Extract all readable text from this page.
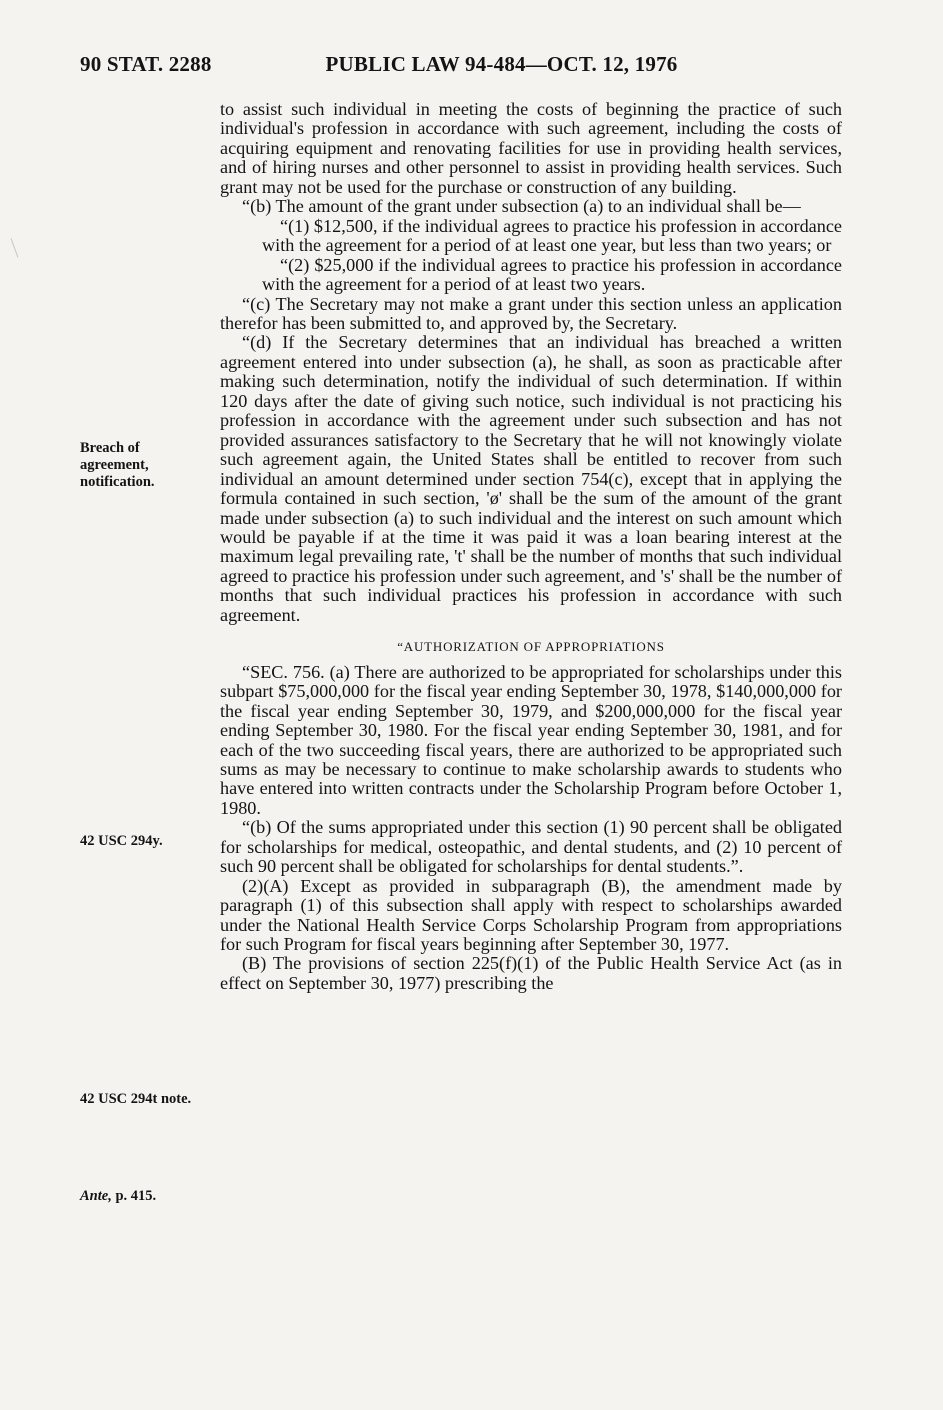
90 STAT. 2288	PUBLIC LAW 94-484—OCT. 12, 1976
Breach of agreement, notification.
42 USC 294y.
42 USC 294t note.
Ante, p. 415.

to assist such individual in meeting the costs of beginning the practice of such individual's profession in accordance with such agreement, including the costs of acquiring equipment and renovating facilities for use in providing health services, and of hiring nurses and other personnel to assist in providing health services. Such grant may not be used for the purchase or construction of any building.

“(b) The amount of the grant under subsection (a) to an individual shall be—

“(1) $12,500, if the individual agrees to practice his profession in accordance with the agreement for a period of at least one year, but less than two years; or

“(2) $25,000 if the individual agrees to practice his profession in accordance with the agreement for a period of at least two years.

“(c) The Secretary may not make a grant under this section unless an application therefor has been submitted to, and approved by, the Secretary.

“(d) If the Secretary determines that an individual has breached a written agreement entered into under subsection (a), he shall, as soon as practicable after making such determination, notify the individual of such determination. If within 120 days after the date of giving such notice, such individual is not practicing his profession in accordance with the agreement under such subsection and has not provided assurances satisfactory to the Secretary that he will not knowingly violate such agreement again, the United States shall be entitled to recover from such individual an amount determined under section 754(c), except that in applying the formula contained in such section, 'ø' shall be the sum of the amount of the grant made under subsection (a) to such individual and the interest on such amount which would be payable if at the time it was paid it was a loan bearing interest at the maximum legal prevailing rate, 't' shall be the number of months that such individual agreed to practice his profession under such agreement, and 's' shall be the number of months that such individual practices his profession in accordance with such agreement.

“AUTHORIZATION OF APPROPRIATIONS

“SEC. 756. (a) There are authorized to be appropriated for scholarships under this subpart $75,000,000 for the fiscal year ending September 30, 1978, $140,000,000 for the fiscal year ending September 30, 1979, and $200,000,000 for the fiscal year ending September 30, 1980. For the fiscal year ending September 30, 1981, and for each of the two succeeding fiscal years, there are authorized to be appropriated such sums as may be necessary to continue to make scholarship awards to students who have entered into written contracts under the Scholarship Program before October 1, 1980.

“(b) Of the sums appropriated under this section (1) 90 percent shall be obligated for scholarships for medical, osteopathic, and dental students, and (2) 10 percent of such 90 percent shall be obligated for scholarships for dental students.”.

(2)(A) Except as provided in subparagraph (B), the amendment made by paragraph (1) of this subsection shall apply with respect to scholarships awarded under the National Health Service Corps Scholarship Program from appropriations for such Program for fiscal years beginning after September 30, 1977.

(B) The provisions of section 225(f)(1) of the Public Health Service Act (as in effect on September 30, 1977) prescribing the
